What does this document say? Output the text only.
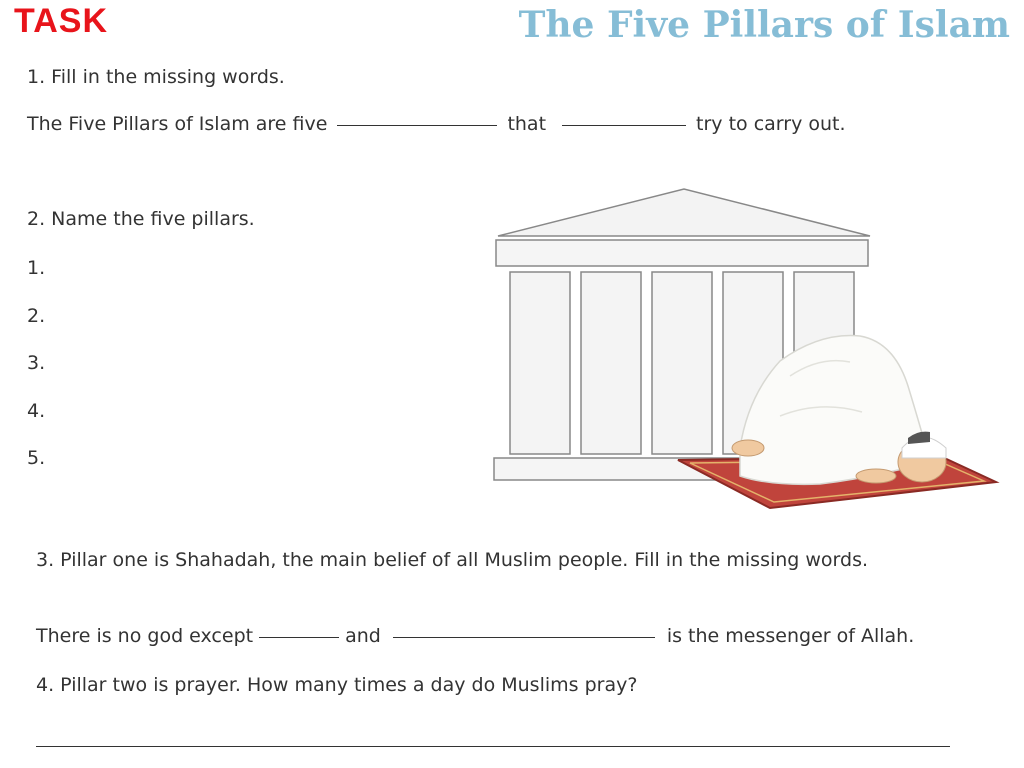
TASK	The Five Pillars of Islam
1. Fill in the missing words.
The Five Pillars of Islam are five	that	try to carry out.
2. Name the five pillars.
1.
2.
3.
4.
5.
3. Pillar one is Shahadah, the main belief of all Muslim people. Fill in the missing words.
There is no god except	and	is the messenger of Allah.
4. Pillar two is prayer. How many times a day do Muslims pray?
